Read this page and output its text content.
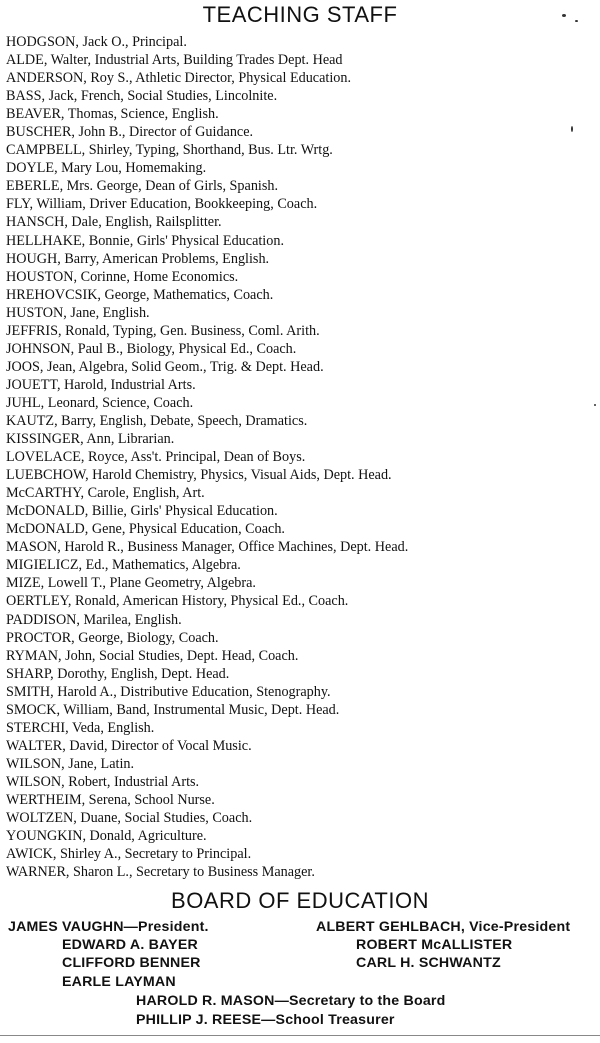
TEACHING STAFF
HODGSON, Jack O., Principal.
ALDE, Walter, Industrial Arts, Building Trades Dept. Head
ANDERSON, Roy S., Athletic Director, Physical Education.
BASS, Jack, French, Social Studies, Lincolnite.
BEAVER, Thomas, Science, English.
BUSCHER, John B., Director of Guidance.
CAMPBELL, Shirley, Typing, Shorthand, Bus. Ltr. Wrtg.
DOYLE, Mary Lou, Homemaking.
EBERLE, Mrs. George, Dean of Girls, Spanish.
FLY, William, Driver Education, Bookkeeping, Coach.
HANSCH, Dale, English, Railsplitter.
HELLHAKE, Bonnie, Girls' Physical Education.
HOUGH, Barry, American Problems, English.
HOUSTON, Corinne, Home Economics.
HREHOVCSIK, George, Mathematics, Coach.
HUSTON, Jane, English.
JEFFRIS, Ronald, Typing, Gen. Business, Coml. Arith.
JOHNSON, Paul B., Biology, Physical Ed., Coach.
JOOS, Jean, Algebra, Solid Geom., Trig. & Dept. Head.
JOUETT, Harold, Industrial Arts.
JUHL, Leonard, Science, Coach.
KAUTZ, Barry, English, Debate, Speech, Dramatics.
KISSINGER, Ann, Librarian.
LOVELACE, Royce, Ass't. Principal, Dean of Boys.
LUEBCHOW, Harold Chemistry, Physics, Visual Aids, Dept. Head.
McCARTHY, Carole, English, Art.
McDONALD, Billie, Girls' Physical Education.
McDONALD, Gene, Physical Education, Coach.
MASON, Harold R., Business Manager, Office Machines, Dept. Head.
MIGIELICZ, Ed., Mathematics, Algebra.
MIZE, Lowell T., Plane Geometry, Algebra.
OERTLEY, Ronald, American History, Physical Ed., Coach.
PADDISON, Marilea, English.
PROCTOR, George, Biology, Coach.
RYMAN, John, Social Studies, Dept. Head, Coach.
SHARP, Dorothy, English, Dept. Head.
SMITH, Harold A., Distributive Education, Stenography.
SMOCK, William, Band, Instrumental Music, Dept. Head.
STERCHI, Veda, English.
WALTER, David, Director of Vocal Music.
WILSON, Jane, Latin.
WILSON, Robert, Industrial Arts.
WERTHEIM, Serena, School Nurse.
WOLTZEN, Duane, Social Studies, Coach.
YOUNGKIN, Donald, Agriculture.
AWICK, Shirley A., Secretary to Principal.
WARNER, Sharon L., Secretary to Business Manager.
BOARD OF EDUCATION
JAMES VAUGHN—President.	ALBERT GEHLBACH, Vice-President
EDWARD A. BAYER	ROBERT McALLISTER
CLIFFORD BENNER	CARL H. SCHWANTZ
EARLE LAYMAN
HAROLD R. MASON—Secretary to the Board
PHILLIP J. REESE—School Treasurer
